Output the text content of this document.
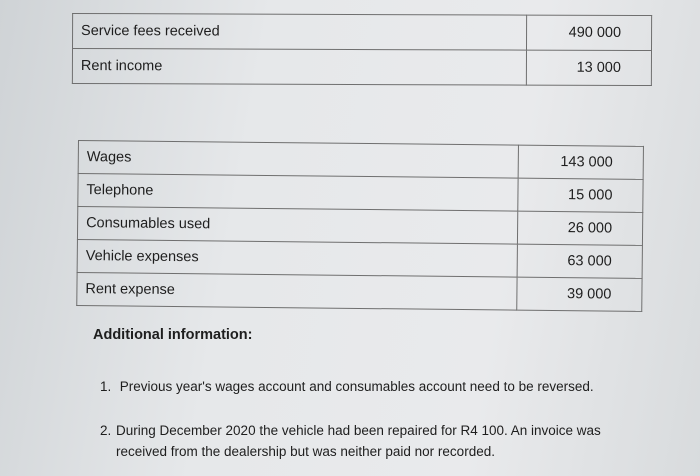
Service fees received	490 000
Rent income	13 000
Wages	143 000
Telephone	15 000
Consumables used	26 000
Vehicle expenses	63 000
Rent expense	39 000
Additional information:
1. Previous year's wages account and consumables account need to be reversed.
2. During December 2020 the vehicle had been repaired for R4 100. An invoice was
received from the dealership but was neither paid nor recorded.
